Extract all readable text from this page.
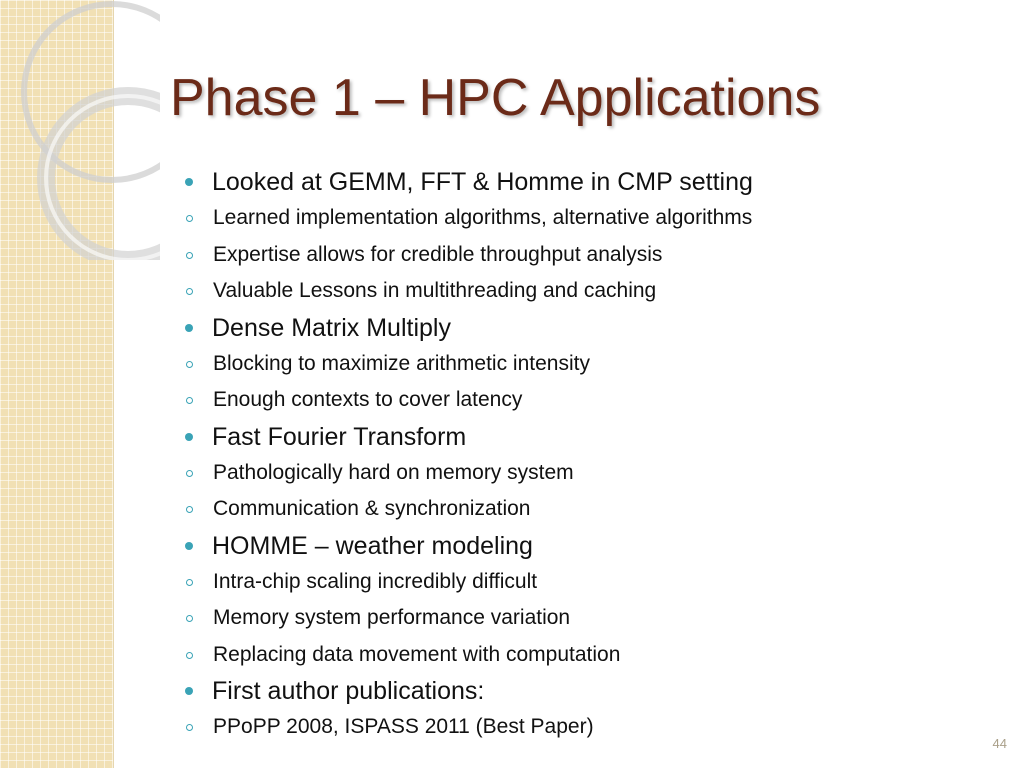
Phase 1 – HPC Applications
Looked at GEMM, FFT & Homme in CMP setting
Learned implementation algorithms, alternative algorithms
Expertise allows for credible throughput analysis
Valuable Lessons in multithreading and caching
Dense Matrix Multiply
Blocking to maximize arithmetic intensity
Enough contexts to cover latency
Fast Fourier Transform
Pathologically hard on memory system
Communication & synchronization
HOMME – weather modeling
Intra-chip scaling incredibly difficult
Memory system performance variation
Replacing data movement with computation
First author publications:
PPoPP 2008, ISPASS 2011 (Best Paper)
44
